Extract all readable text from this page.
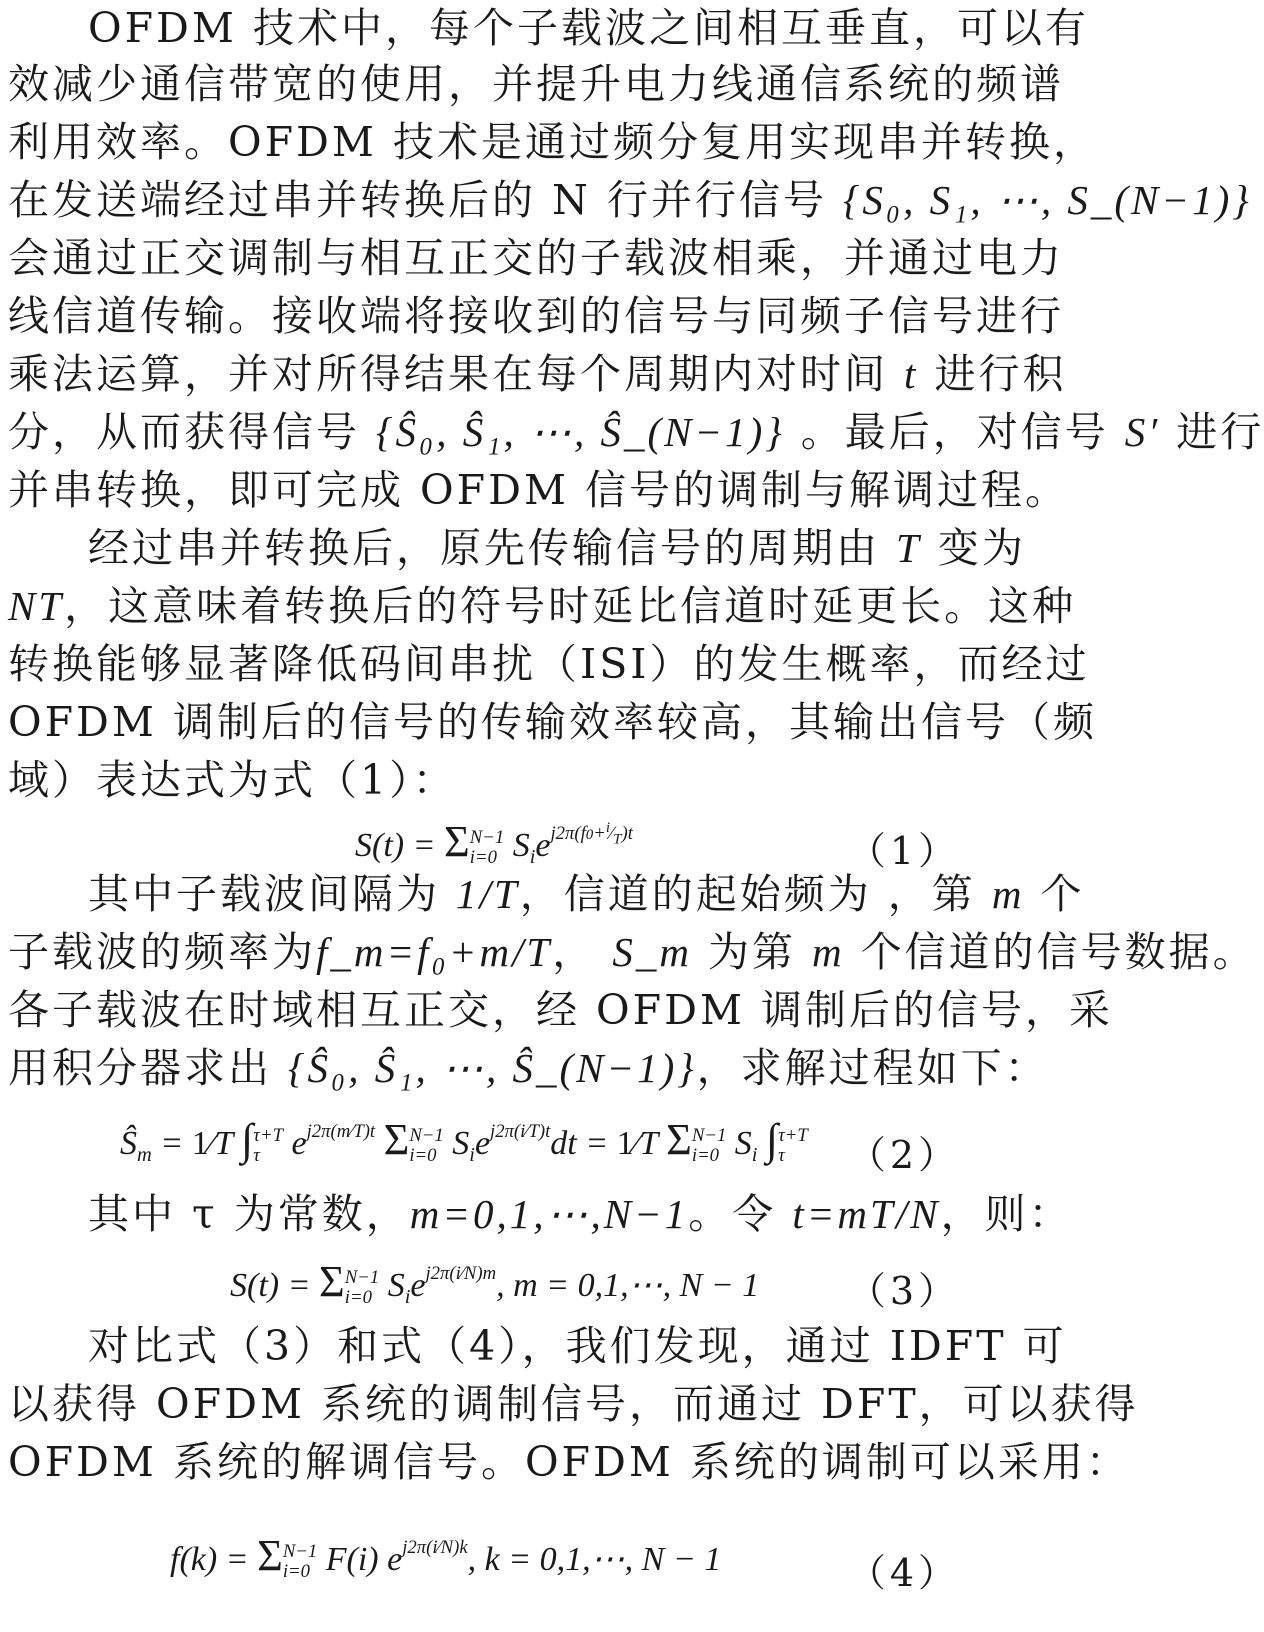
OFDM 技术中，每个子载波之间相互垂直，可以有
效减少通信带宽的使用，并提升电力线通信系统的频谱
利用效率。OFDM 技术是通过频分复用实现串并转换，
在发送端经过串并转换后的 N 行并行信号 {S₀, S₁, ⋯, S_(N−1)}
会通过正交调制与相互正交的子载波相乘，并通过电力
线信道传输。接收端将接收到的信号与同频子信号进行
乘法运算，并对所得结果在每个周期内对时间 t 进行积
分，从而获得信号 {Ŝ₀, Ŝ₁, ⋯, Ŝ_(N−1)} 。最后，对信号 S′ 进行
并串转换，即可完成 OFDM 信号的调制与解调过程。
经过串并转换后，原先传输信号的周期由 T 变为
NT，这意味着转换后的符号时延比信道时延更长。这种
转换能够显著降低码间串扰（ISI）的发生概率，而经过
OFDM 调制后的信号的传输效率较高，其输出信号（频
域）表达式为式（1）：
S(t) = ΣN−1
i=0 $S_ie^{j2\pi(f0+^i⁄_T)t}$	（1）
其中子载波间隔为 1/T，信道的起始频为 ，第 m 个
子载波的频率为f_m=f₀+m/T， S_m 为第 m 个信道的信号数据。
各子载波在时域相互正交，经 OFDM 调制后的信号，采
用积分器求出 {Ŝ₀, Ŝ₁, ⋯, Ŝ_(N−1)}，求解过程如下：
$Ŝ_m$ = 1⁄T ∫τ+T
τ $e^{j2\pi(m⁄T)t}$ ΣN−1
i=0 $S_ie^{j2\pi(i⁄T)t}dt$ = 1⁄T ΣN−1
i=0 $S_i$ ∫τ+T
τ	（2）
其中 τ 为常数，m=0,1,⋯,N−1。令 t=mT/N，则：
S(t) = ΣN−1
i=0 $S_ie^{j2\pi(i⁄N)m}$, m = 0,1,⋯, N − 1 （3）
对比式（3）和式（4），我们发现，通过 IDFT 可
以获得 OFDM 系统的调制信号，而通过 DFT，可以获得
OFDM 系统的解调信号。OFDM 系统的调制可以采用：
f(k) = ΣN−1
i=0 F(i) $e^{j2\pi(i⁄N)k}$, k = 0,1,⋯, N − 1	（4）
